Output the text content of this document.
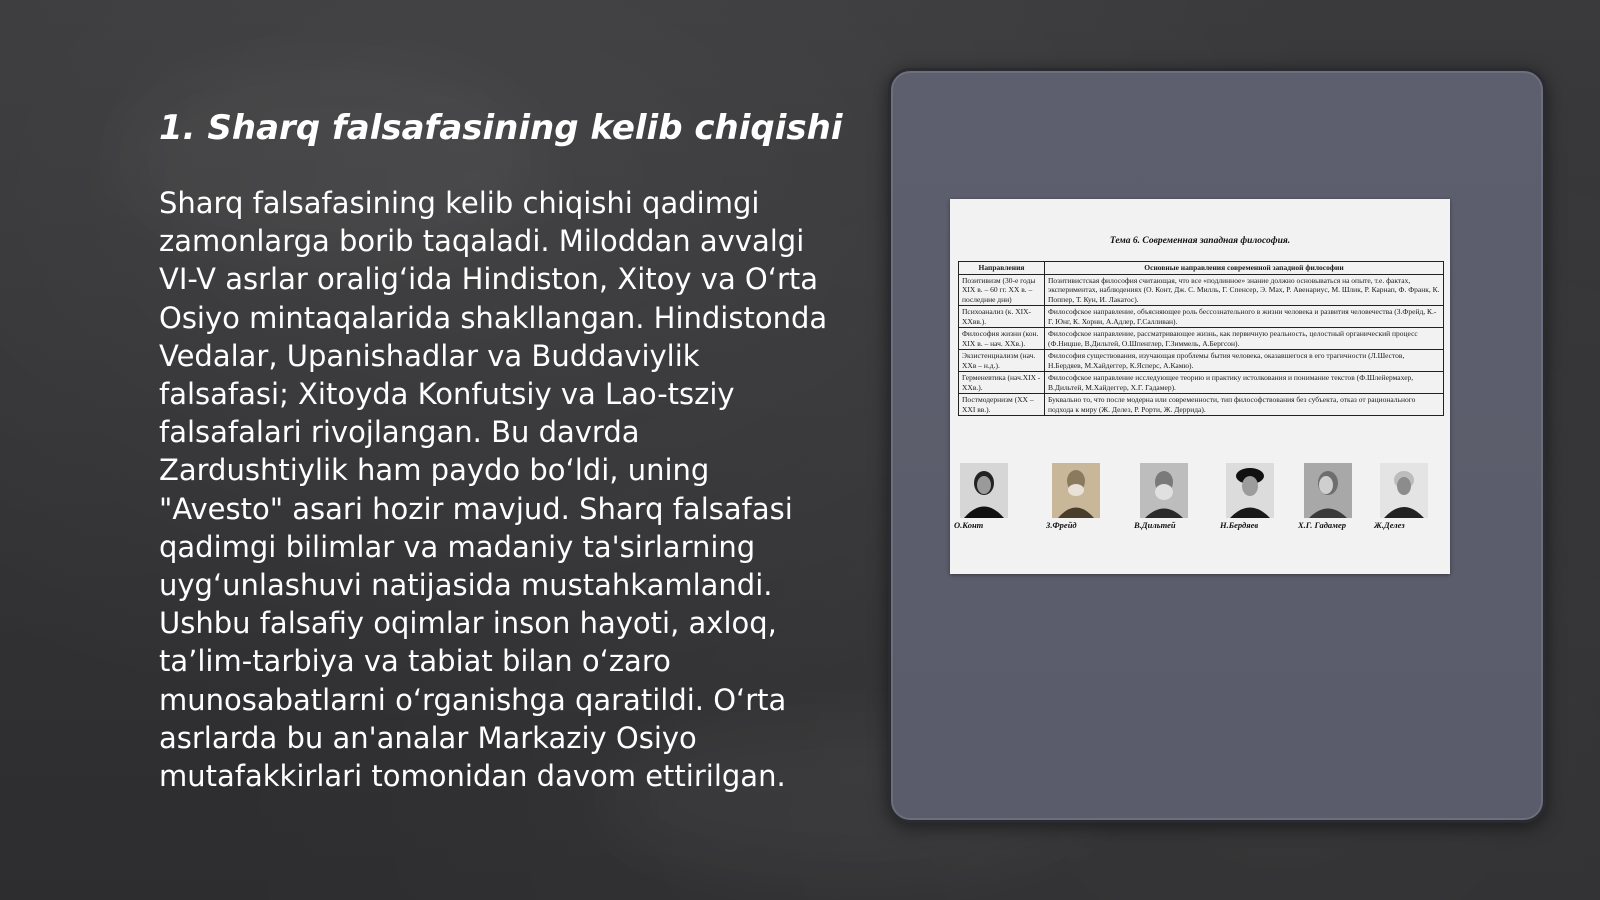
1. Sharq falsafasining kelib chiqishi

Sharq falsafasining kelib chiqishi qadimgi zamonlarga borib taqaladi. Miloddan avvalgi VI-V asrlar oralig‘ida Hindiston, Xitoy va O‘rta Osiyo mintaqalarida shakllangan. Hindistonda Vedalar, Upanishadlar va Buddaviylik falsafasi; Xitoyda Konfutsiy va Lao-tsziy falsafalari rivojlangan. Bu davrda Zardushtiylik ham paydo bo‘ldi, uning "Avesto" asari hozir mavjud. Sharq falsafasi qadimgi bilimlar va madaniy ta'sirlarning uyg‘unlashuvi natijasida mustahkamlandi. Ushbu falsafiy oqimlar inson hayoti, axloq, ta’lim-tarbiya va tabiat bilan o‘zaro munosabatlarni o‘rganishga qaratildi. O‘rta asrlarda bu an'analar Markaziy Osiyo mutafakkirlari tomonidan davom ettirilgan.

Тема 6. Современная западная философия.
Направления	Основные направления современной западной философии
Позитивизм (30-е годы XIX в. – 60 гг. XX в. – последние дни)	Позитивистская философия считающая, что все «подлинное» знание должно основываться на опыте, т.е. фактах, экспериментах, наблюдениях (О. Конт, Дж. С. Милль, Г. Спенсер, Э. Мах, Р. Авенариус, М. Шлик, Р. Карнап, Ф. Франк, К. Поппер, Т. Кун, И. Лакатос).
Психоанализ (к. XIX-XXвв.).	Философское направление, объясняющее роль бессознательного в жизни человека и развития человечества (З.Фрейд, К.-Г. Юнг, К. Хорни, А.Адлер, Г.Салливан).
Философия жизни (кон. XIX в. – нач. XXв.).	Философское направление, рассматривающее жизнь, как первичную реальность, целостный органический процесс (Ф.Ницше, В.Дильтей, О.Шпенглер, Г.Зиммель, А.Бергсон).
Экзистенциализм (нач. XXв – н.д.).	Философия существования, изучающая проблемы бытия человека, оказавшегося в его трагичности (Л.Шестов, Н.Бердяев, М.Хайдеггер, К.Ясперс, А.Камю).
Герменевтика (нач.XIX - XXв.).	Философское направление исследующее теорию и практику истолкования и понимание текстов (Ф.Шлейермахер, В.Дильтей, М.Хайдеггер, Х.Г. Гадамер).
Постмодернизм (XX – XXI вв.).	Буквально то, что после модерна или современности, тип философствования без субъекта, отказ от рационального подхода к миру (Ж. Делез, Р. Рорти, Ж. Деррида).
О.Конт	З.Фрейд	В.Дильтей	Н.Бердяев	Х.Г. Гадамер	Ж.Делез
